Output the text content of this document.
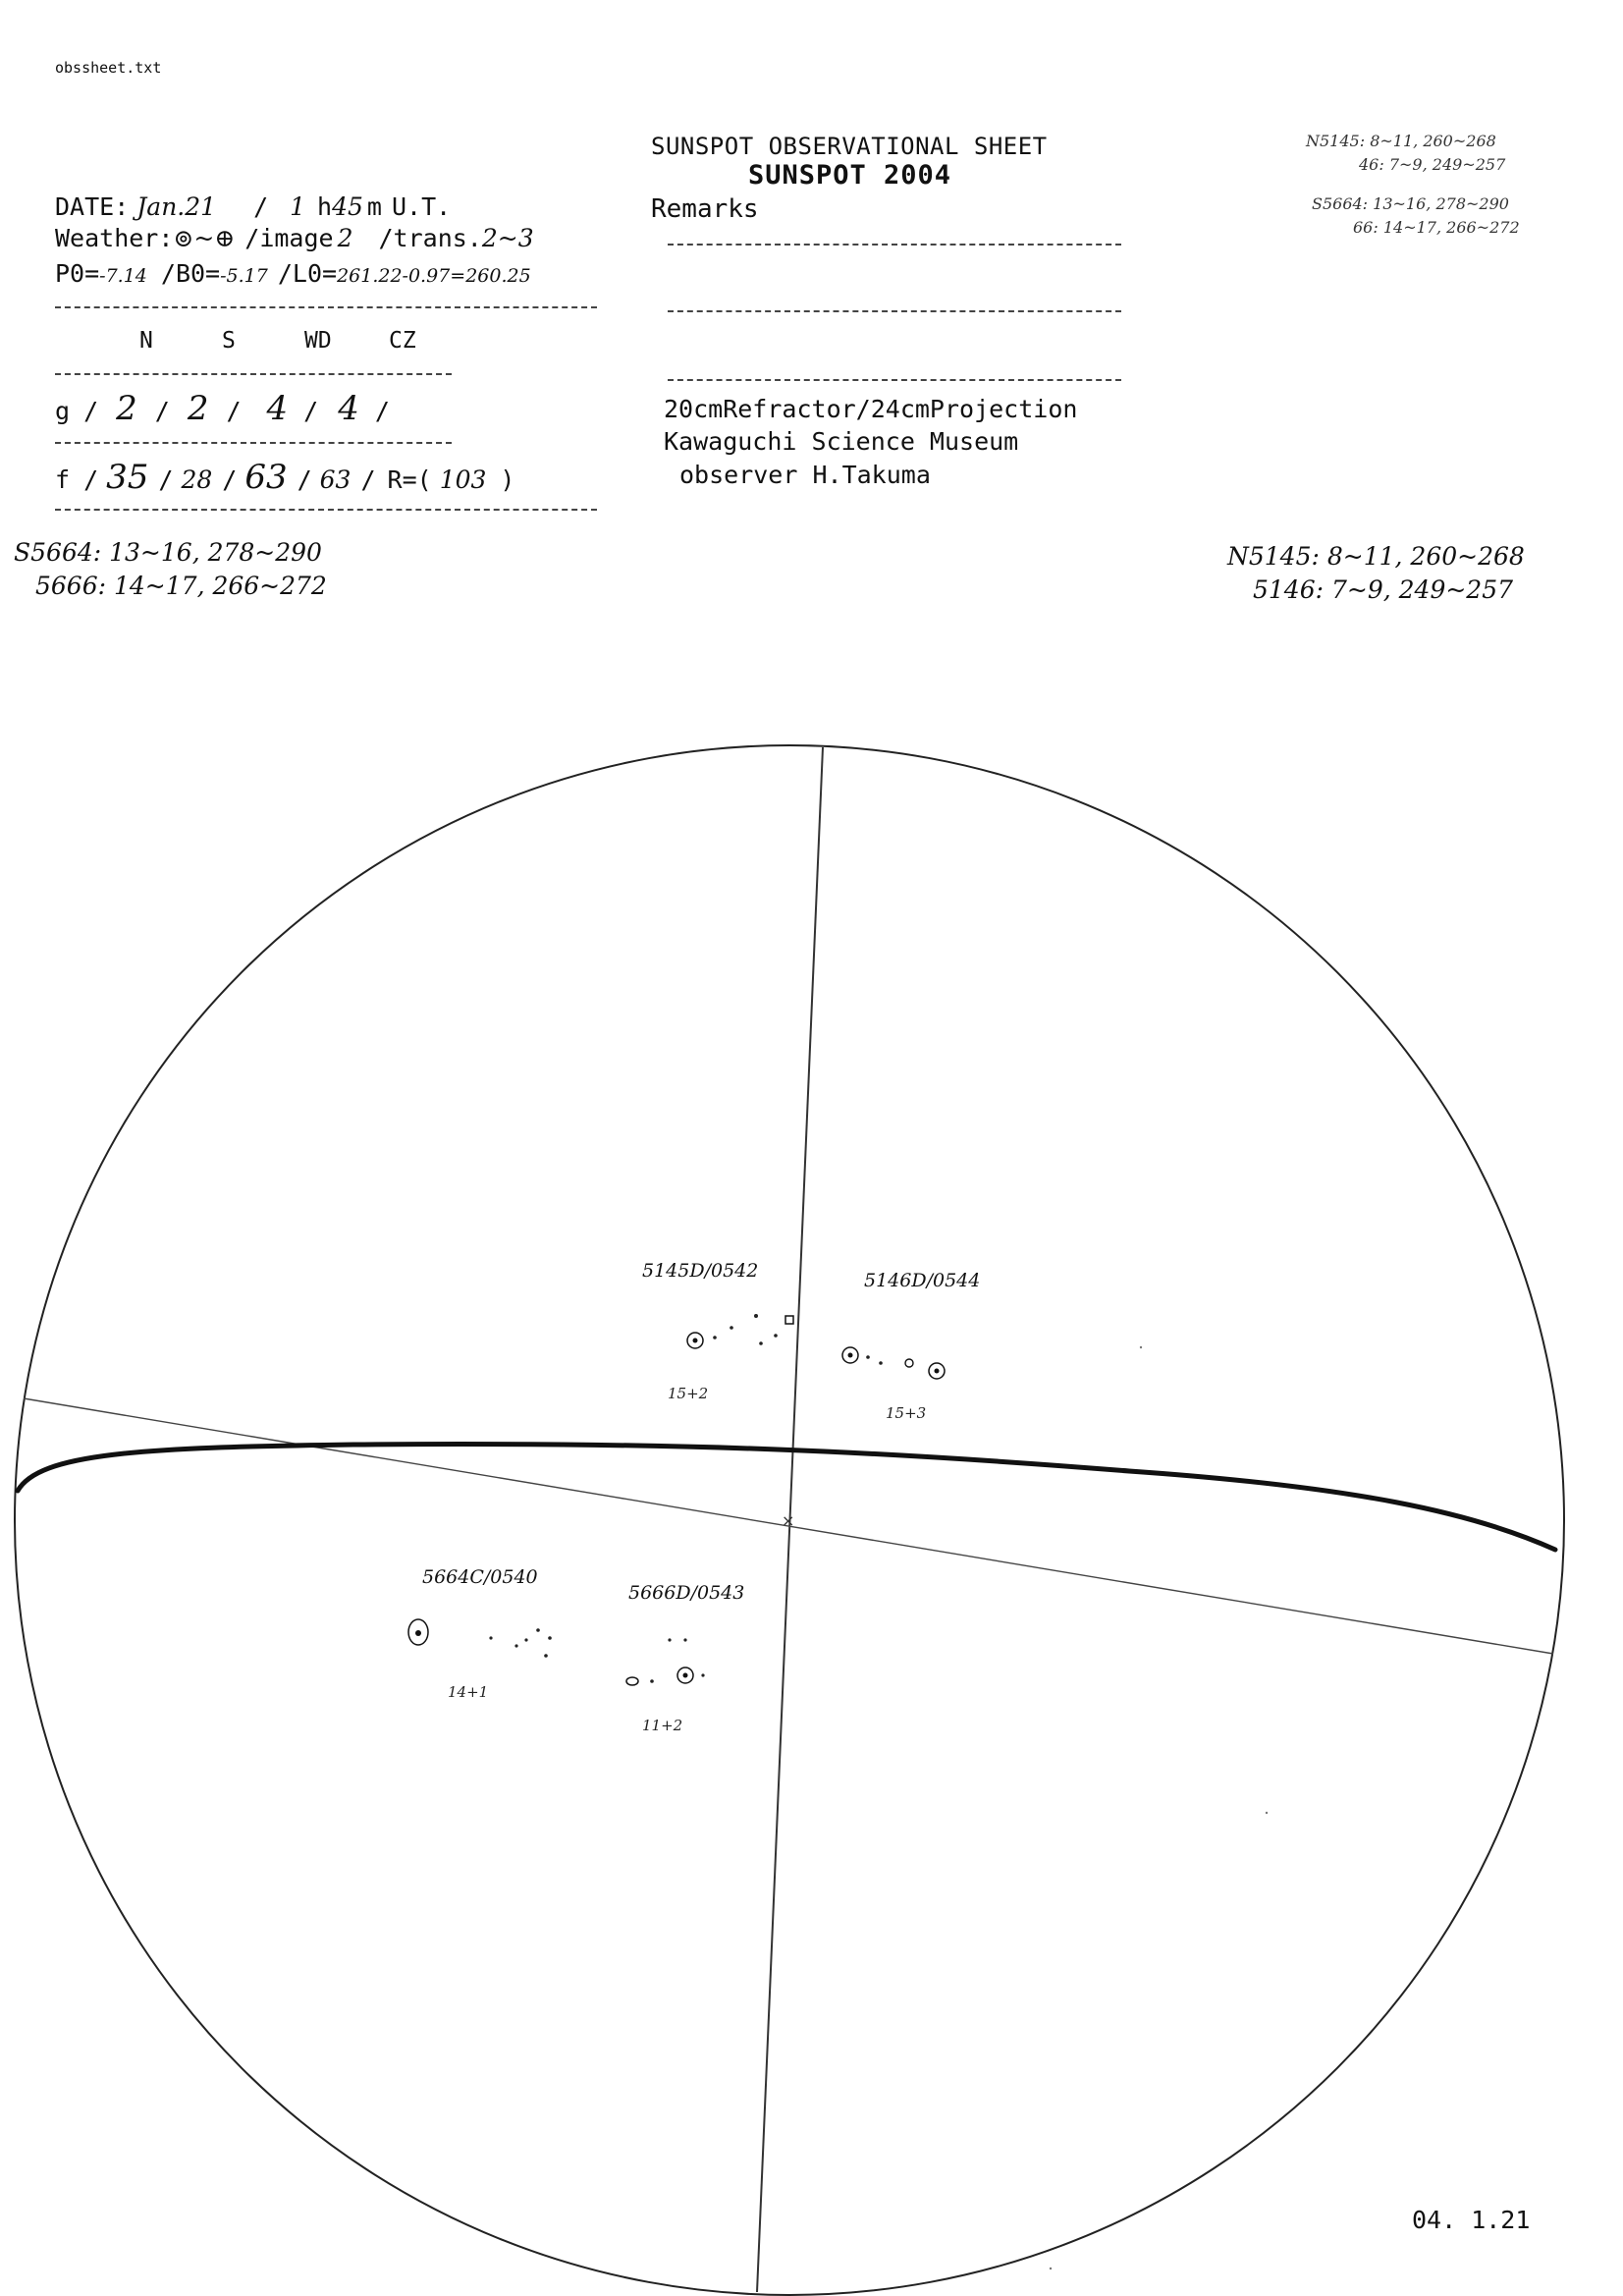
obssheet.txt
SUNSPOT OBSERVATIONAL SHEET
SUNSPOT 2004
DATE: Jan.21 / 1 h45 m U.T.
Weather:⊚~⊕ /image 2 /trans.2~3
P0=-7.14 /B0=-5.17 /L0=261.22-0.97=260.25
N	S	WD	CZ
g / 2 / 2 / 4 / 4 /
f / 35 / 28 / 63 / 63 / R=( 103 )
Remarks
20cmRefractor/24cmProjection
Kawaguchi Science Museum
observer H.Takuma
N5145: 8~11, 260~268
46: 7~9, 249~257
S5664: 13~16, 278~290
66: 14~17, 266~272
S5664: 13~16, 278~290
5666: 14~17, 266~272
N5145: 8~11, 260~268
5146: 7~9, 249~257
×
5145D/0542
15+2
5146D/0544
15+3
5664C/0540
14+1
5666D/0543
11+2
04. 1.21
